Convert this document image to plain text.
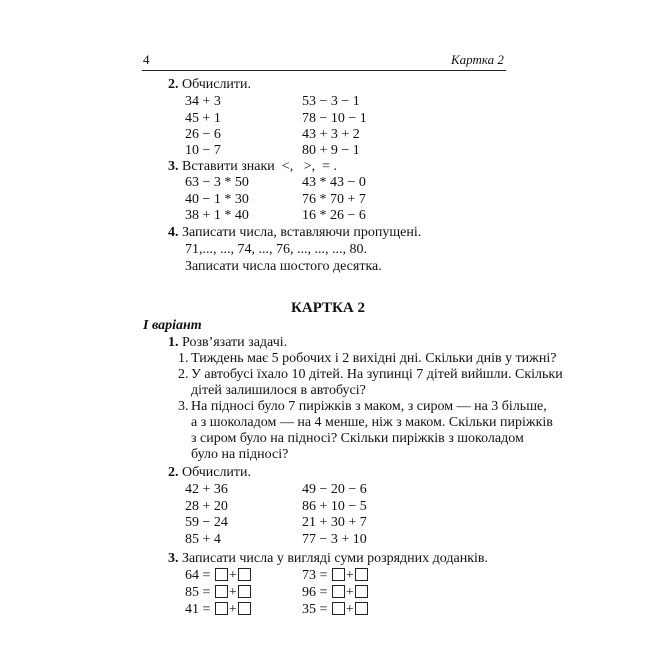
4	Картка 2
2. Обчислити.
34 + 3
45 + 1
26 − 6
10 − 7
53 − 3 − 1
78 − 10 − 1
43 + 3 + 2
80 + 9 − 1
3. Вставити знаки  <,   >,  = .
63 − 3 * 50
40 − 1 * 30
38 + 1 * 40
43 * 43 − 0
76 * 70 + 7
16 * 26 − 6
4. Записати числа, вставляючи пропущені.
71,..., ..., 74, ..., 76, ..., ..., ..., 80.
Записати числа шостого десятка.
КАРТКА 2
I варіант
1. Розв’язати задачі.
1. Тиждень має 5 робочих і 2 вихідні дні. Скільки днів у тижні?
2. У автобусі їхало 10 дітей. На зупинці 7 дітей вийшли. Скільки
дітей залишилося в автобусі?
3. На підносі було 7 пиріжків з маком, з сиром — на 3 більше,
а з шоколадом — на 4 менше, ніж з маком. Скільки пиріжків
з сиром було на підносі? Скільки пиріжків з шоколадом
було на підносі?
2. Обчислити.
42 + 36
28 + 20
59 − 24
85 + 4
49 − 20 − 6
86 + 10 − 5
21 + 30 + 7
77 − 3 + 10
3. Записати числа у вигляді суми розрядних доданків.
64 = +
85 = +
41 = +
73 = +
96 = +
35 = +
